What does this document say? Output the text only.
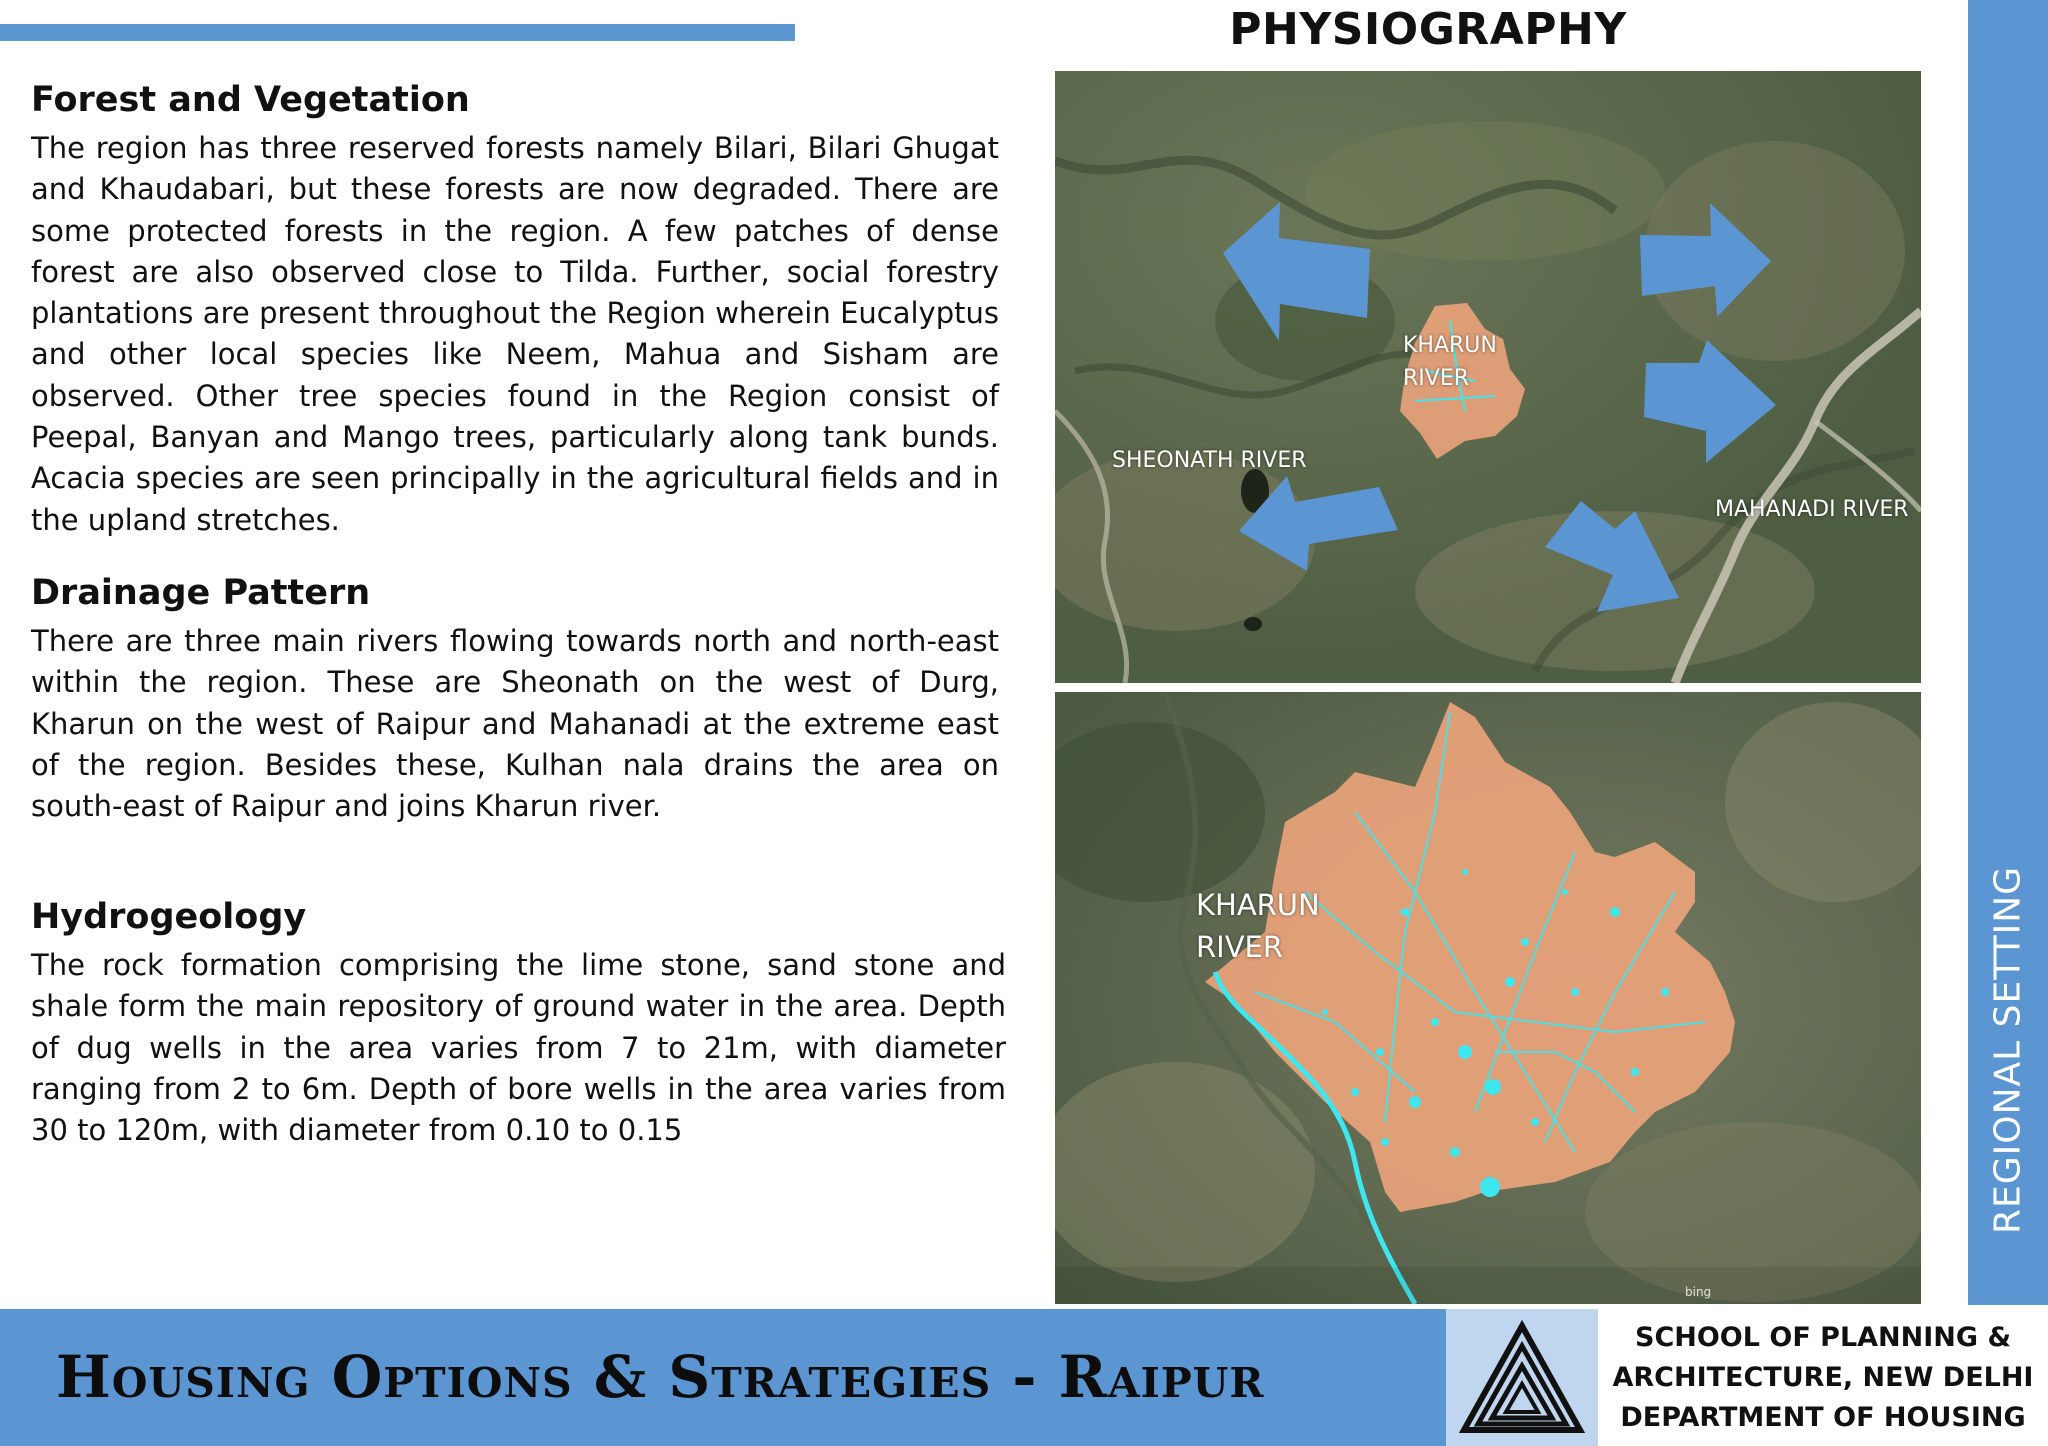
PHYSIOGRAPHY
Forest and Vegetation

The region has three reserved forests namely Bilari, Bilari Ghugat and Khaudabari, but these forests are now degraded. There are some protected forests in the region. A few patches of dense forest are also observed close to Tilda. Further, social forestry plantations are present throughout the Region wherein Eucalyptus and other local species like Neem, Mahua and Sisham are observed. Other tree species found in the Region consist of Peepal, Banyan and Mango trees, particularly along tank bunds. Acacia species are seen principally in the agricultural fields and in the upland stretches.

Drainage Pattern

There are three main rivers flowing towards north and north-east within the region. These are Sheonath on the west of Durg, Kharun on the west of Raipur and Mahanadi at the extreme east of the region. Besides these, Kulhan nala drains the area on south-east of Raipur and joins Kharun river.

Hydrogeology

The rock formation comprising the lime stone, sand stone and shale form the main repository of ground water in the area. Depth of dug wells in the area varies from 7 to 21m, with diameter ranging from 2 to 6m. Depth of bore wells in the area varies from 30 to 120m, with diameter from 0.10 to 0.15

KHARUN
RIVER
SHEONATH RIVER
MAHANADI RIVER
bing
KHARUN
RIVER	REGIONAL SETTING
Housing Options & Strategies - Raipur
SCHOOL OF PLANNING &
ARCHITECTURE, NEW DELHI
DEPARTMENT OF HOUSING
